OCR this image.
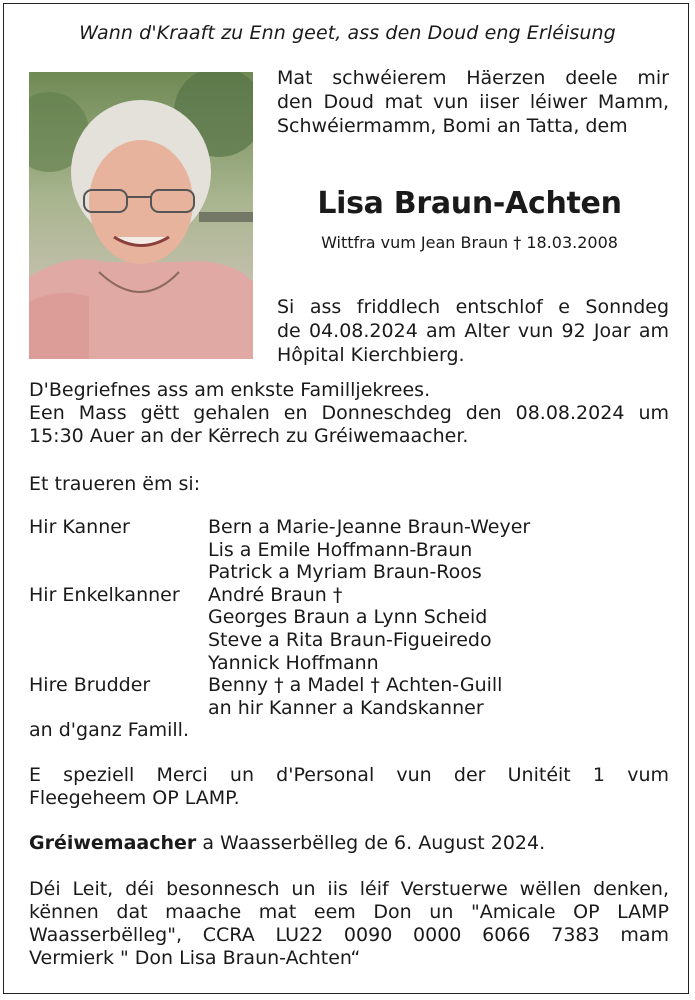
Wann d'Kraaft zu Enn geet, ass den Doud eng Erléisung
Mat schwéierem Häerzen deele mir
den Doud mat vun iiser léiwer Mamm,
Schwéiermamm, Bomi an Tatta, dem
Lisa Braun-Achten
Wittfra vum Jean Braun † 18.03.2008
Si ass friddlech entschlof e Sonndeg
de 04.08.2024 am Alter vun 92 Joar am
Hôpital Kierchbierg.
D'Begriefnes ass am enkste Familljekrees.
Een Mass gëtt gehalen en Donneschdeg den 08.08.2024 um
15:30 Auer an der Kërrech zu Gréiwemaacher.
Et traueren ëm si:
Hir Kanner	Bern a Marie-Jeanne Braun-Weyer
Lis a Emile Hoffmann-Braun
Patrick a Myriam Braun-Roos
Hir Enkelkanner	André Braun †
Georges Braun a Lynn Scheid
Steve a Rita Braun-Figueiredo
Yannick Hoffmann
Hire Brudder	Benny † a Madel † Achten-Guill
an hir Kanner a Kandskanner
an d'ganz Famill.
E speziell Merci un d'Personal vun der Unitéit 1 vum
Fleegeheem OP LAMP.
Gréiwemaacher a Waasserbëlleg de 6. August 2024.
Déi Leit, déi besonnesch un iis léif Verstuerwe wëllen denken,
kënnen dat maache mat eem Don un "Amicale OP LAMP
Waasserbëlleg", CCRA LU22 0090 0000 6066 7383 mam
Vermierk " Don Lisa Braun-Achten“
